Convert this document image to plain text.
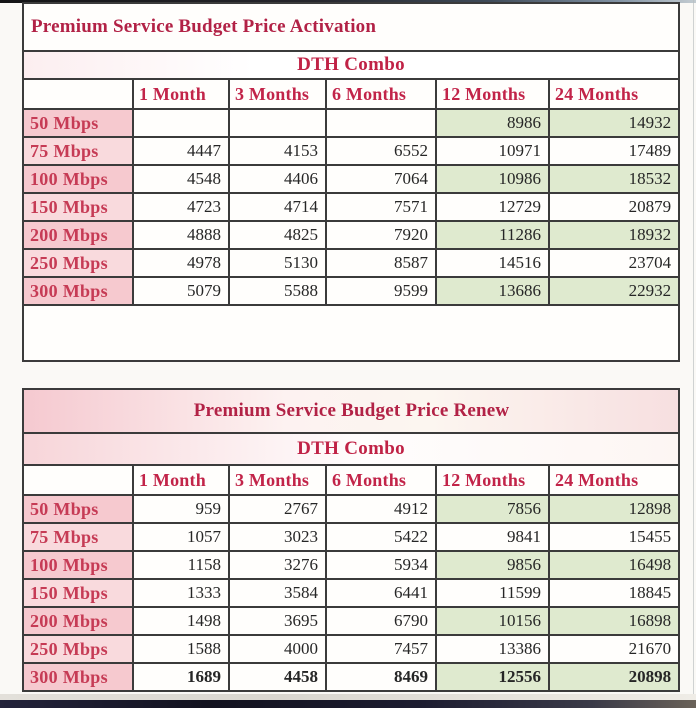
Premium Service Budget Price Activation					
DTH Combo					
	1 Month	3 Months	6 Months	12 Months	24 Months
50 Mbps				8986	14932
75 Mbps	4447	4153	6552	10971	17489
100 Mbps	4548	4406	7064	10986	18532
150 Mbps	4723	4714	7571	12729	20879
200 Mbps	4888	4825	7920	11286	18932
250 Mbps	4978	5130	8587	14516	23704
300 Mbps	5079	5588	9599	13686	22932

Premium Service Budget Price Renew					
DTH Combo					
	1 Month	3 Months	6 Months	12 Months	24 Months
50 Mbps	959	2767	4912	7856	12898
75 Mbps	1057	3023	5422	9841	15455
100 Mbps	1158	3276	5934	9856	16498
150 Mbps	1333	3584	6441	11599	18845
200 Mbps	1498	3695	6790	10156	16898
250 Mbps	1588	4000	7457	13386	21670
300 Mbps	1689	4458	8469	12556	20898
